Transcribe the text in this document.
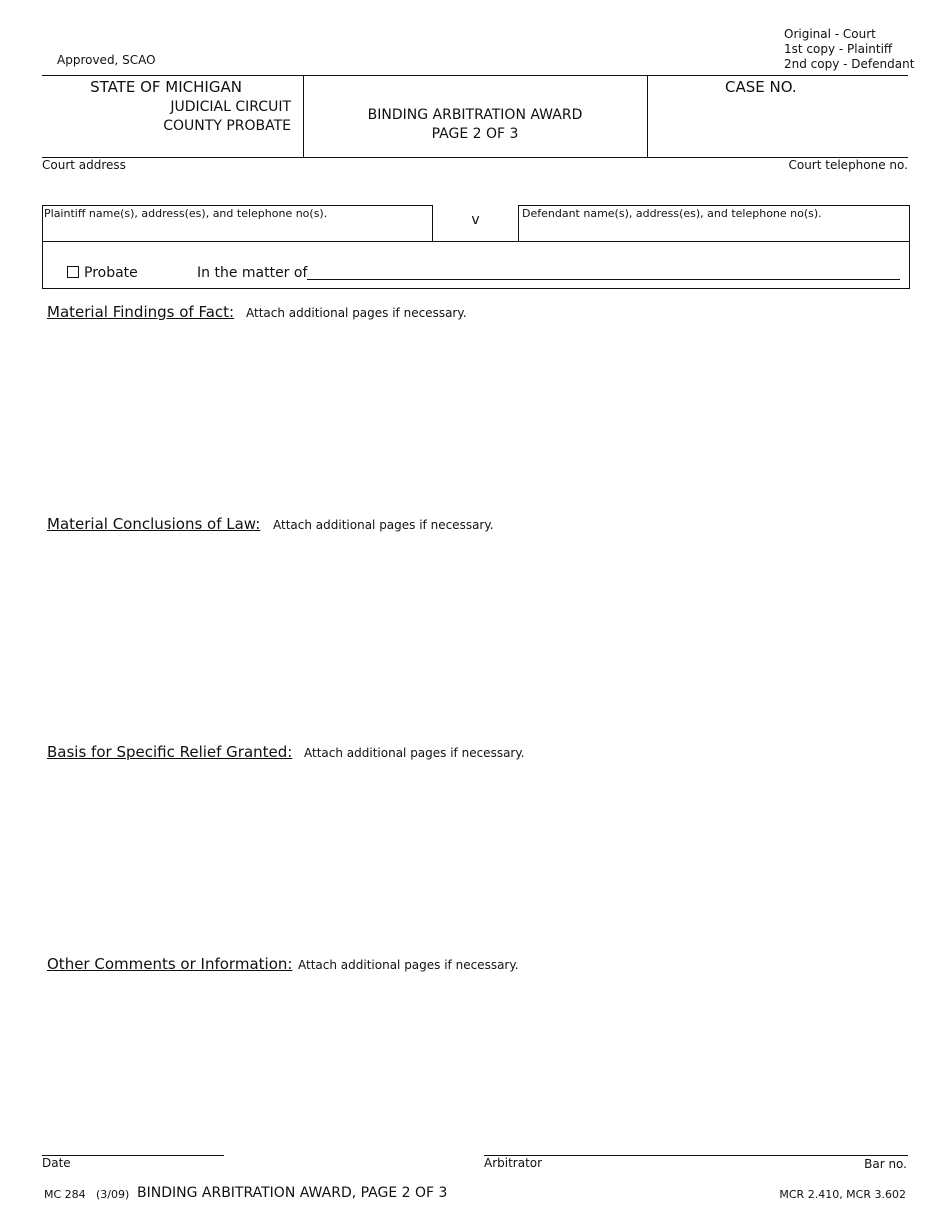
Approved, SCAO
Original - Court
1st copy - Plaintiff
2nd copy - Defendant
STATE OF MICHIGAN
JUDICIAL CIRCUIT
COUNTY PROBATE
BINDING ARBITRATION AWARD
PAGE 2 OF 3
CASE NO.
Court address	Court telephone no.
Plaintiff name(s), address(es), and telephone no(s).	v	Defendant name(s), address(es), and telephone no(s).
Probate	In the matter of
Material Findings of Fact: Attach additional pages if necessary.
Material Conclusions of Law: Attach additional pages if necessary.
Basis for Specific Relief Granted: Attach additional pages if necessary.
Other Comments or Information: Attach additional pages if necessary.
Date	Arbitrator	Bar no.
MC 284 (3/09) BINDING ARBITRATION AWARD, PAGE 2 OF 3	MCR 2.410, MCR 3.602
